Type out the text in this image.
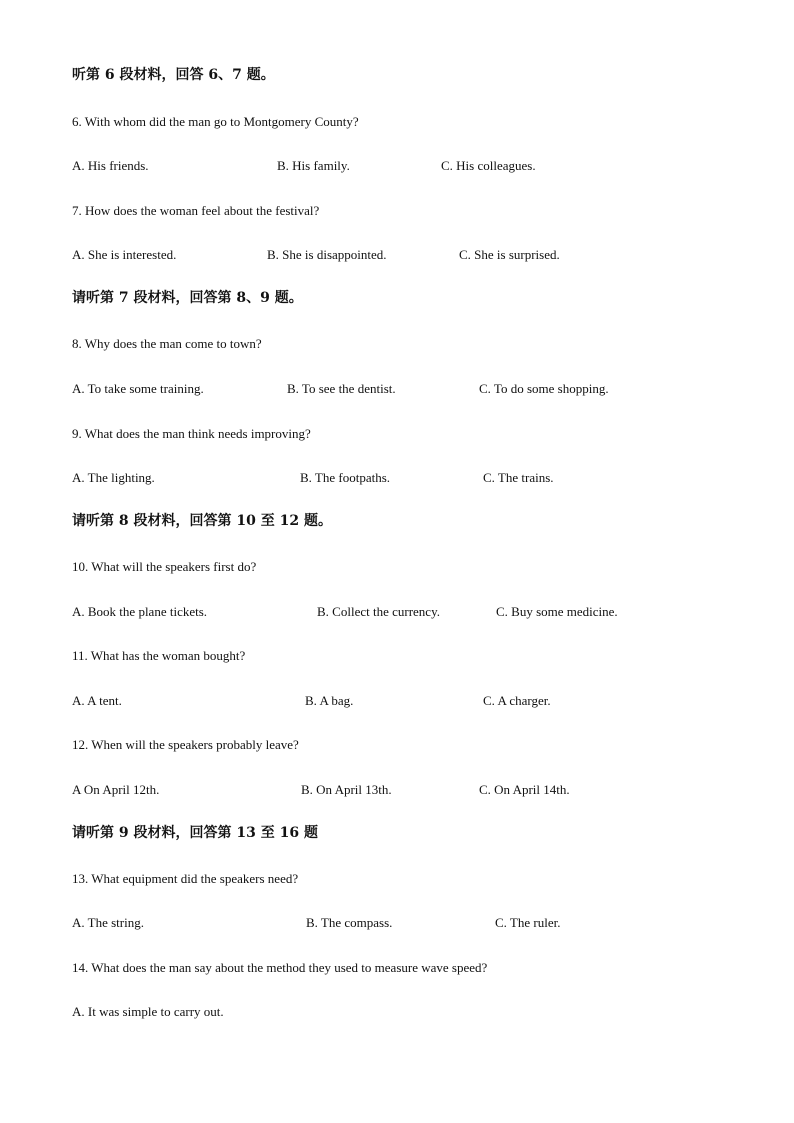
听第 6 段材料，回答 6、7 题。
6. With whom did the man go to Montgomery County?
A. His friends.	B. His family.	C. His colleagues.
7. How does the woman feel about the festival?
A. She is interested.	B. She is disappointed.	C. She is surprised.
请听第 7 段材料，回答第 8、9 题。
8. Why does the man come to town?
A. To take some training.	B. To see the dentist.	C. To do some shopping.
9. What does the man think needs improving?
A. The lighting.	B. The footpaths.	C. The trains.
请听第 8 段材料，回答第 10 至 12 题。
10. What will the speakers first do?
A. Book the plane tickets.	B. Collect the currency.	C. Buy some medicine.
11. What has the woman bought?
A. A tent.	B. A bag.	C. A charger.
12. When will the speakers probably leave?
A On April 12th.	B. On April 13th.	C. On April 14th.
请听第 9 段材料，回答第 13 至 16 题
13. What equipment did the speakers need?
A. The string.	B. The compass.	C. The ruler.
14. What does the man say about the method they used to measure wave speed?
A. It was simple to carry out.
